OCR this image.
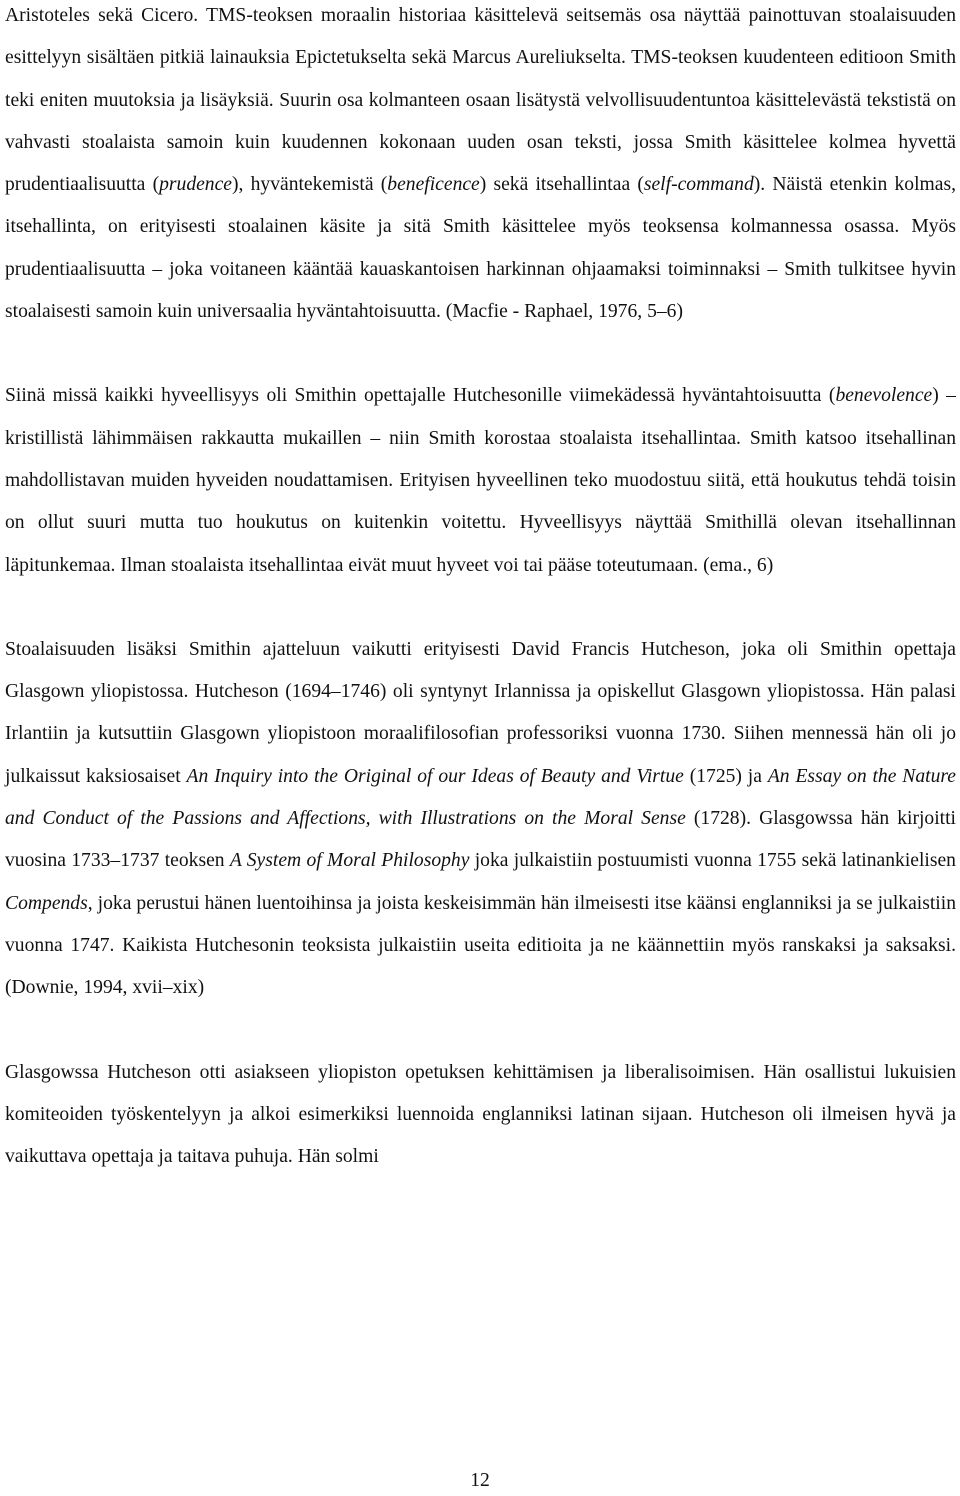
Aristoteles sekä Cicero. TMS-teoksen moraalin historiaa käsittelevä seitsemäs osa näyttää painottuvan stoalaisuuden esittelyyn sisältäen pitkiä lainauksia Epictetukselta sekä Marcus Aureliukselta. TMS-teoksen kuudenteen editioon Smith teki eniten muutoksia ja lisäyksiä. Suurin osa kolmanteen osaan lisätystä velvollisuudentuntoa käsittelevästä tekstistä on vahvasti stoalaista samoin kuin kuudennen kokonaan uuden osan teksti, jossa Smith käsittelee kolmea hyvettä prudentiaalisuutta (prudence), hyväntekemistä (beneficence) sekä itsehallintaa (self-command). Näistä etenkin kolmas, itsehallinta, on erityisesti stoalainen käsite ja sitä Smith käsittelee myös teoksensa kolmannessa osassa. Myös prudentiaalisuutta – joka voitaneen kääntää kauaskantoisen harkinnan ohjaamaksi toiminnaksi – Smith tulkitsee hyvin stoalaisesti samoin kuin universaalia hyväntahtoisuutta. (Macfie - Raphael, 1976, 5–6)

Siinä missä kaikki hyveellisyys oli Smithin opettajalle Hutchesonille viimekädessä hyväntahtoisuutta (benevolence) – kristillistä lähimmäisen rakkautta mukaillen – niin Smith korostaa stoalaista itsehallintaa. Smith katsoo itsehallinan mahdollistavan muiden hyveiden noudattamisen. Erityisen hyveellinen teko muodostuu siitä, että houkutus tehdä toisin on ollut suuri mutta tuo houkutus on kuitenkin voitettu. Hyveellisyys näyttää Smithillä olevan itsehallinnan läpitunkemaa. Ilman stoalaista itsehallintaa eivät muut hyveet voi tai pääse toteutumaan. (ema., 6)

Stoalaisuuden lisäksi Smithin ajatteluun vaikutti erityisesti David Francis Hutcheson, joka oli Smithin opettaja Glasgown yliopistossa. Hutcheson (1694–1746) oli syntynyt Irlannissa ja opiskellut Glasgown yliopistossa. Hän palasi Irlantiin ja kutsuttiin Glasgown yliopistoon moraalifilosofian professoriksi vuonna 1730. Siihen mennessä hän oli jo julkaissut kaksiosaiset An Inquiry into the Original of our Ideas of Beauty and Virtue (1725) ja An Essay on the Nature and Conduct of the Passions and Affections, with Illustrations on the Moral Sense (1728). Glasgowssa hän kirjoitti vuosina 1733–1737 teoksen A System of Moral Philosophy joka julkaistiin postuumisti vuonna 1755 sekä latinankielisen Compends, joka perustui hänen luentoihinsa ja joista keskeisimmän hän ilmeisesti itse käänsi englanniksi ja se julkaistiin vuonna 1747. Kaikista Hutchesonin teoksista julkaistiin useita editioita ja ne käännettiin myös ranskaksi ja saksaksi. (Downie, 1994, xvii–xix)

Glasgowssa Hutcheson otti asiakseen yliopiston opetuksen kehittämisen ja liberalisoimisen. Hän osallistui lukuisien komiteoiden työskentelyyn ja alkoi esimerkiksi luennoida englanniksi latinan sijaan. Hutcheson oli ilmeisen hyvä ja vaikuttava opettaja ja taitava puhuja. Hän solmi

12
